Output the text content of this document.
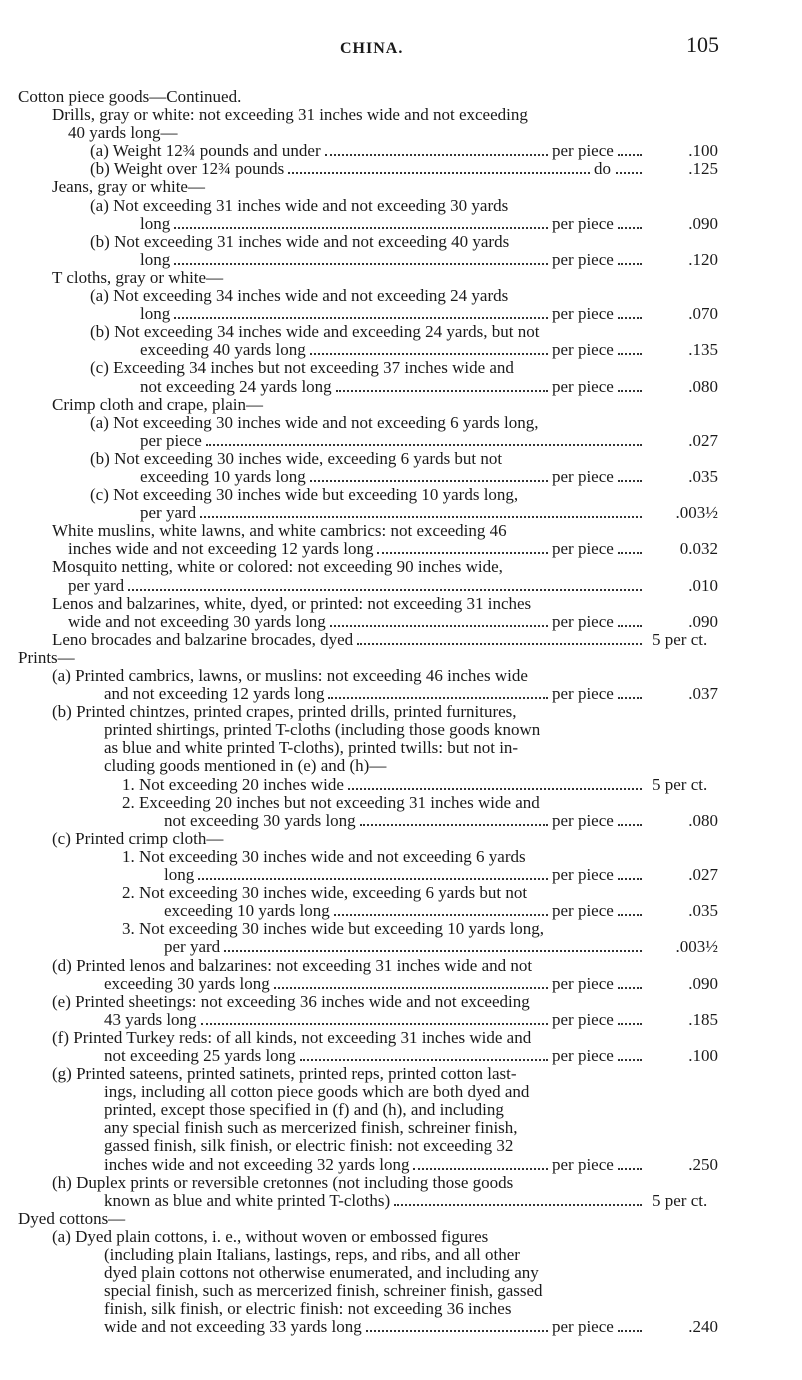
CHINA.	105
Cotton piece goods—Continued.
Drills, gray or white: not exceeding 31 inches wide and not exceeding
40 yards long—
(a) Weight 12¾ pounds and under	per piece	.100
(b) Weight over 12¾ pounds	do	.125
Jeans, gray or white—
(a) Not exceeding 31 inches wide and not exceeding 30 yards
long	per piece	.090
(b) Not exceeding 31 inches wide and not exceeding 40 yards
long	per piece	.120
T cloths, gray or white—
(a) Not exceeding 34 inches wide and not exceeding 24 yards
long	per piece	.070
(b) Not exceeding 34 inches wide and exceeding 24 yards, but not
exceeding 40 yards long	per piece	.135
(c) Exceeding 34 inches but not exceeding 37 inches wide and
not exceeding 24 yards long	per piece	.080
Crimp cloth and crape, plain—
(a) Not exceeding 30 inches wide and not exceeding 6 yards long,
per piece	.027
(b) Not exceeding 30 inches wide, exceeding 6 yards but not
exceeding 10 yards long	per piece	.035
(c) Not exceeding 30 inches wide but exceeding 10 yards long,
per yard	.003½
White muslins, white lawns, and white cambrics: not exceeding 46
inches wide and not exceeding 12 yards long	per piece	0.032
Mosquito netting, white or colored: not exceeding 90 inches wide,
per yard	.010
Lenos and balzarines, white, dyed, or printed: not exceeding 31 inches
wide and not exceeding 30 yards long	per piece	.090
Leno brocades and balzarine brocades, dyed	5 per ct.
Prints—
(a) Printed cambrics, lawns, or muslins: not exceeding 46 inches wide
and not exceeding 12 yards long	per piece	.037
(b) Printed chintzes, printed crapes, printed drills, printed furnitures,
printed shirtings, printed T-cloths (including those goods known
as blue and white printed T-cloths), printed twills: but not in-
cluding goods mentioned in (e) and (h)—
1. Not exceeding 20 inches wide	5 per ct.
2. Exceeding 20 inches but not exceeding 31 inches wide and
not exceeding 30 yards long	per piece	.080
(c) Printed crimp cloth—
1. Not exceeding 30 inches wide and not exceeding 6 yards
long	per piece	.027
2. Not exceeding 30 inches wide, exceeding 6 yards but not
exceeding 10 yards long	per piece	.035
3. Not exceeding 30 inches wide but exceeding 10 yards long,
per yard	.003½
(d) Printed lenos and balzarines: not exceeding 31 inches wide and not
exceeding 30 yards long	per piece	.090
(e) Printed sheetings: not exceeding 36 inches wide and not exceeding
43 yards long	per piece	.185
(f) Printed Turkey reds: of all kinds, not exceeding 31 inches wide and
not exceeding 25 yards long	per piece	.100
(g) Printed sateens, printed satinets, printed reps, printed cotton last-
ings, including all cotton piece goods which are both dyed and
printed, except those specified in (f) and (h), and including
any special finish such as mercerized finish, schreiner finish,
gassed finish, silk finish, or electric finish: not exceeding 32
inches wide and not exceeding 32 yards long	per piece	.250
(h) Duplex prints or reversible cretonnes (not including those goods
known as blue and white printed T-cloths)	5 per ct.
Dyed cottons—
(a) Dyed plain cottons, i. e., without woven or embossed figures
(including plain Italians, lastings, reps, and ribs, and all other
dyed plain cottons not otherwise enumerated, and including any
special finish, such as mercerized finish, schreiner finish, gassed
finish, silk finish, or electric finish: not exceeding 36 inches
wide and not exceeding 33 yards long	per piece	.240
